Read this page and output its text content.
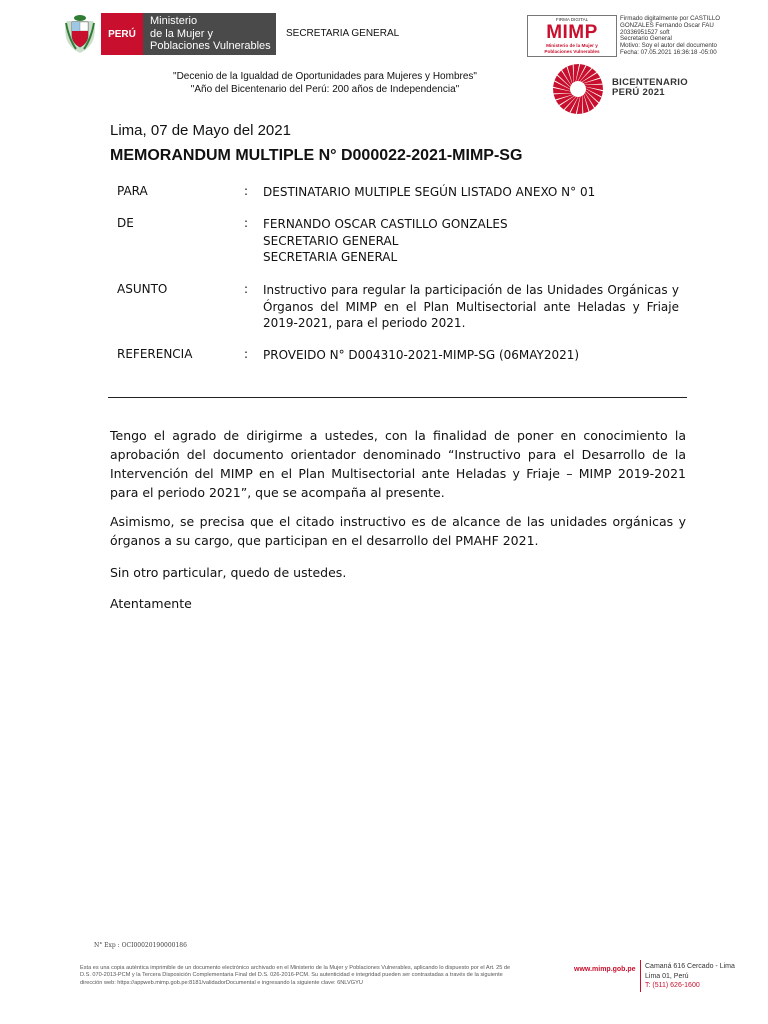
PERÚ
Ministerio
de la Mujer y
Poblaciones Vulnerables
SECRETARIA GENERAL
FIRMA DIGITAL
MIMP
Ministerio de la Mujer y
Poblaciones Vulnerables
Firmado digitalmente por CASTILLO
GONZALES Fernando Oscar FAU
20336951527 soft
Secretario General
Motivo: Soy el autor del documento
Fecha: 07.05.2021 16:36:18 -05:00
"Decenio de la Igualdad de Oportunidades para Mujeres y Hombres"
"Año del Bicentenario del Perú: 200 años de Independencia"
BICENTENARIO
PERÚ 2021
Lima, 07 de Mayo del 2021
MEMORANDUM MULTIPLE N° D000022-2021-MIMP-SG
PARA	: DESTINATARIO MULTIPLE SEGÚN LISTADO ANEXO N° 01
DE	: FERNANDO OSCAR CASTILLO GONZALES
SECRETARIO GENERAL
SECRETARIA GENERAL
ASUNTO	: Instructivo para regular la participación de las Unidades Orgánicas y Órganos del MIMP en el Plan Multisectorial ante Heladas y Friaje 2019-2021, para el periodo 2021.
REFERENCIA	: PROVEIDO N° D004310-2021-MIMP-SG (06MAY2021)
Tengo el agrado de dirigirme a ustedes, con la finalidad de poner en conocimiento la aprobación del documento orientador denominado “Instructivo para el Desarrollo de la Intervención del MIMP en el Plan Multisectorial ante Heladas y Friaje – MIMP 2019-2021 para el periodo 2021”, que se acompaña al presente.
Asimismo, se precisa que el citado instructivo es de alcance de las unidades orgánicas y órganos a su cargo, que participan en el desarrollo del PMAHF 2021.
Sin otro particular, quedo de ustedes.
Atentamente
N° Exp : OCI00020190000186
Esta es una copia auténtica imprimible de un documento electrónico archivado en el Ministerio de la Mujer y Poblaciones Vulnerables, aplicando lo dispuesto por el Art. 25 de
D.S. 070-2013-PCM y la Tercera Disposición Complementaria Final del D.S. 026-2016-PCM. Su autenticidad e integridad pueden ser contrastadas a través de la siguiente
dirección web: https://appweb.mimp.gob.pe:8181/validadorDocumental e ingresando la siguiente clave: 6NLVGYU
www.mimp.gob.pe Camaná 616 Cercado - Lima
Lima 01, Perú
T: (511) 626-1600
